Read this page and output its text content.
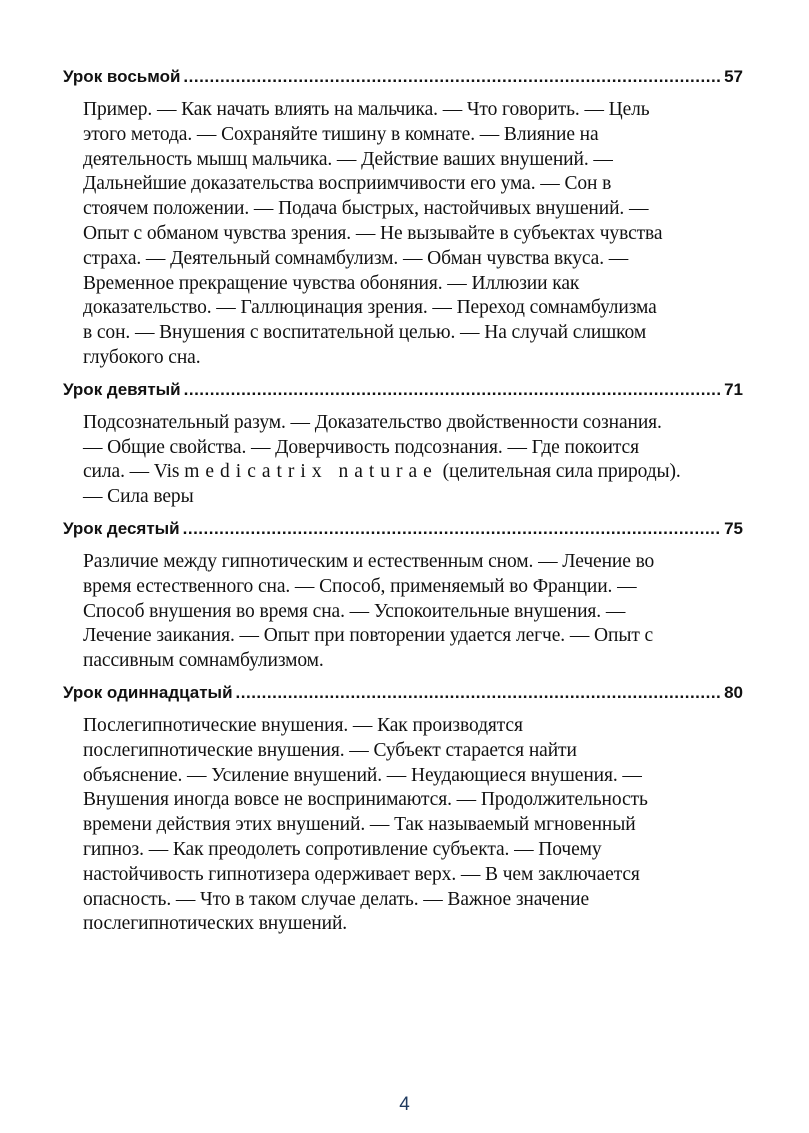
Урок восьмой .....	57
Пример. — Как начать влиять на мальчика. — Что говорить. — Цель
этого метода. — Сохраняйте тишину в комнате. — Влияние на
деятельность мышц мальчика. — Действие ваших внушений. —
Дальнейшие доказательства восприимчивости его ума. — Сон в
стоячем положении. — Подача быстрых, настойчивых внушений. —
Опыт с обманом чувства зрения. — Не вызывайте в субъектах чувства
страха. — Деятельный сомнамбулизм. — Обман чувства вкуса. —
Временное прекращение чувства обоняния. — Иллюзии как
доказательство. — Галлюцинация зрения. — Переход сомнамбулизма
в сон. — Внушения с воспитательной целью. — На случай слишком
глубокого сна.
Урок девятый .....	71
Подсознательный разум. — Доказательство двойственности сознания.
— Общие свойства. — Доверчивость подсознания. — Где покоится
сила. — Vis medicatrix naturae (целительная сила природы).
— Сила веры
Урок десятый .....	75
Различие между гипнотическим и естественным сном. — Лечение во
время естественного сна. — Способ, применяемый во Франции. —
Способ внушения во время сна. — Успокоительные внушения. —
Лечение заикания. — Опыт при повторении удается легче. — Опыт с
пассивным сомнамбулизмом.
Урок одиннадцатый .....	80
Послегипнотические внушения. — Как производятся
послегипнотические внушения. — Субъект старается найти
объяснение. — Усиление внушений. — Неудающиеся внушения. —
Внушения иногда вовсе не воспринимаются. — Продолжительность
времени действия этих внушений. — Так называемый мгновенный
гипноз. — Как преодолеть сопротивление субъекта. — Почему
настойчивость гипнотизера одерживает верх. — В чем заключается
опасность. — Что в таком случае делать. — Важное значение
послегипнотических внушений.
4
